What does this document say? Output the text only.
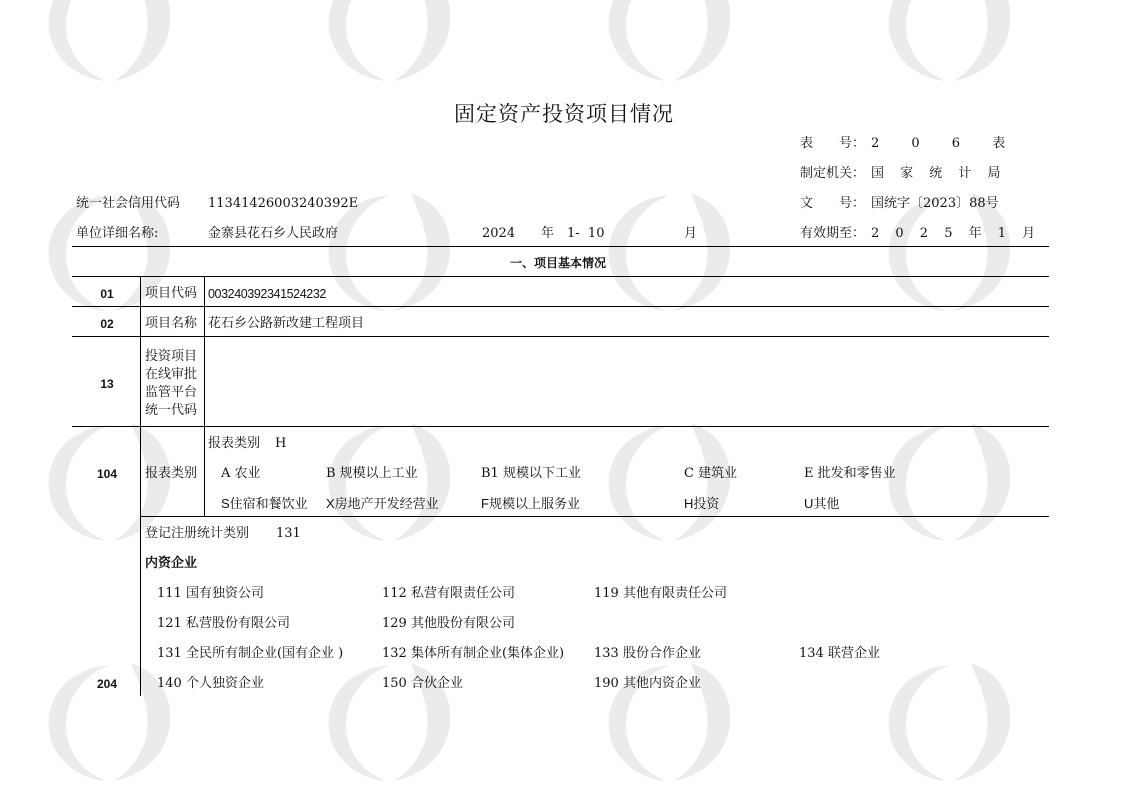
固定资产投资项目情况
表　　号： 2 0 6 表
制定机关： 国 家 统 计 局
文　　号： 国统字〔2023〕88号
有效期至： 2 0 2 5 年 1 月
统一社会信用代码 11341426003240392E
单位详细名称:	金寨县花石乡人民政府	2024 年 1-  10	月
一、项目基本情况
01	项目代码 003240392341524232
02	项目名称 花石乡公路新改建工程项目
13
投资项目
在线审批
监管平台
统一代码
104	报表类别
报表类别 H
A 农业	B 规模以上工业	B1 规模以下工业	C 建筑业	E 批发和零售业
S住宿和餐饮业 X房地产开发经营业	F规模以上服务业	H投资	U其他
登记注册统计类别 131
内资企业
111 国有独资公司	112 私营有限责任公司	119 其他有限责任公司
121 私营股份有限公司	129 其他股份有限公司
131 全民所有制企业(国有企业 )	132 集体所有制企业(集体企业) 133 股份合作企业	134 联营企业
204	140 个人独资企业	150 合伙企业	190 其他内资企业
